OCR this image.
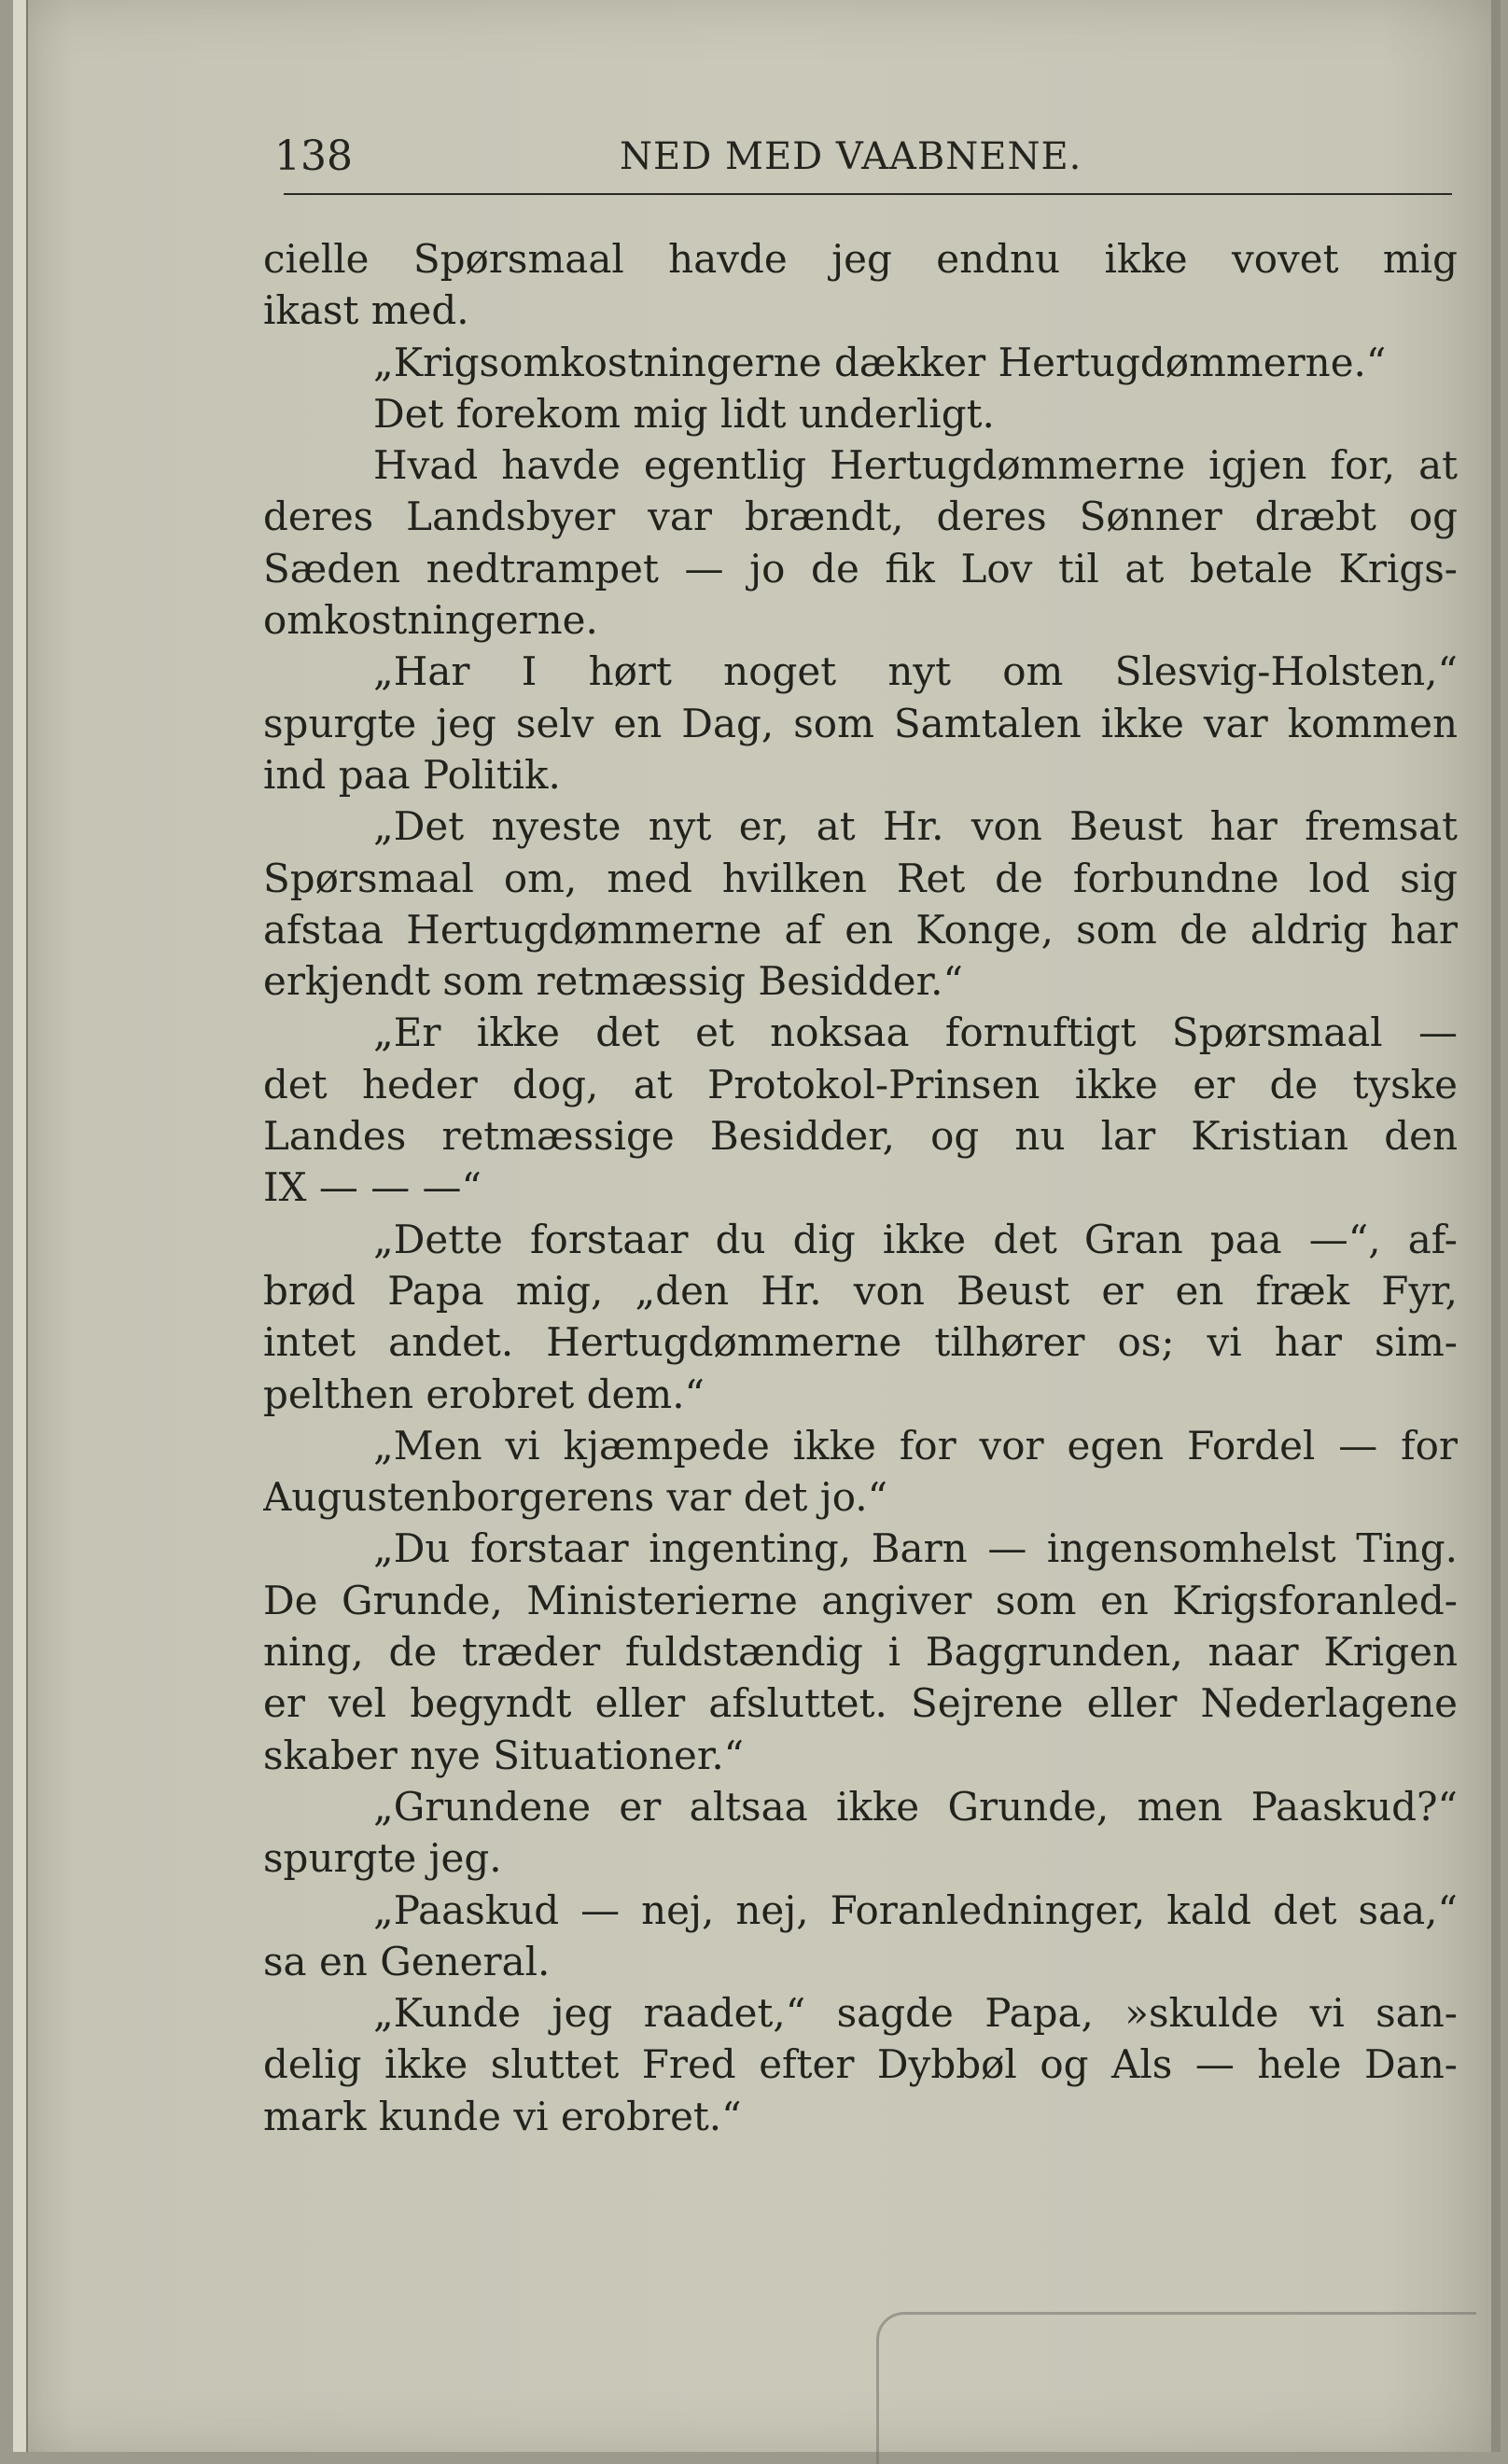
138	NED MED VAABNENE.
cielle Spørsmaal havde jeg endnu ikke vovet mig
ikast med.
„Krigsomkostningerne dækker Hertugdømmerne.“
Det forekom mig lidt underligt.
Hvad havde egentlig Hertugdømmerne igjen for, at
deres Landsbyer var brændt, deres Sønner dræbt og
Sæden nedtrampet — jo de fik Lov til at betale Krigs-
omkostningerne.
„Har I hørt noget nyt om Slesvig-Holsten,“
spurgte jeg selv en Dag, som Samtalen ikke var kommen
ind paa Politik.
„Det nyeste nyt er, at Hr. von Beust har fremsat
Spørsmaal om, med hvilken Ret de forbundne lod sig
afstaa Hertugdømmerne af en Konge, som de aldrig har
erkjendt som retmæssig Besidder.“
„Er ikke det et noksaa fornuftigt Spørsmaal —
det heder dog, at Protokol-Prinsen ikke er de tyske
Landes retmæssige Besidder, og nu lar Kristian den
IX — — —“
„Dette forstaar du dig ikke det Gran paa —“, af-
brød Papa mig, „den Hr. von Beust er en fræk Fyr,
intet andet. Hertugdømmerne tilhører os; vi har sim-
pelthen erobret dem.“
„Men vi kjæmpede ikke for vor egen Fordel — for
Augustenborgerens var det jo.“
„Du forstaar ingenting, Barn — ingensomhelst Ting.
De Grunde, Ministerierne angiver som en Krigsforanled-
ning, de træder fuldstændig i Baggrunden, naar Krigen
er vel begyndt eller afsluttet. Sejrene eller Nederlagene
skaber nye Situationer.“
„Grundene er altsaa ikke Grunde, men Paaskud?“
spurgte jeg.
„Paaskud — nej, nej, Foranledninger, kald det saa,“
sa en General.
„Kunde jeg raadet,“ sagde Papa, »skulde vi san-
delig ikke sluttet Fred efter Dybbøl og Als — hele Dan-
mark kunde vi erobret.“
